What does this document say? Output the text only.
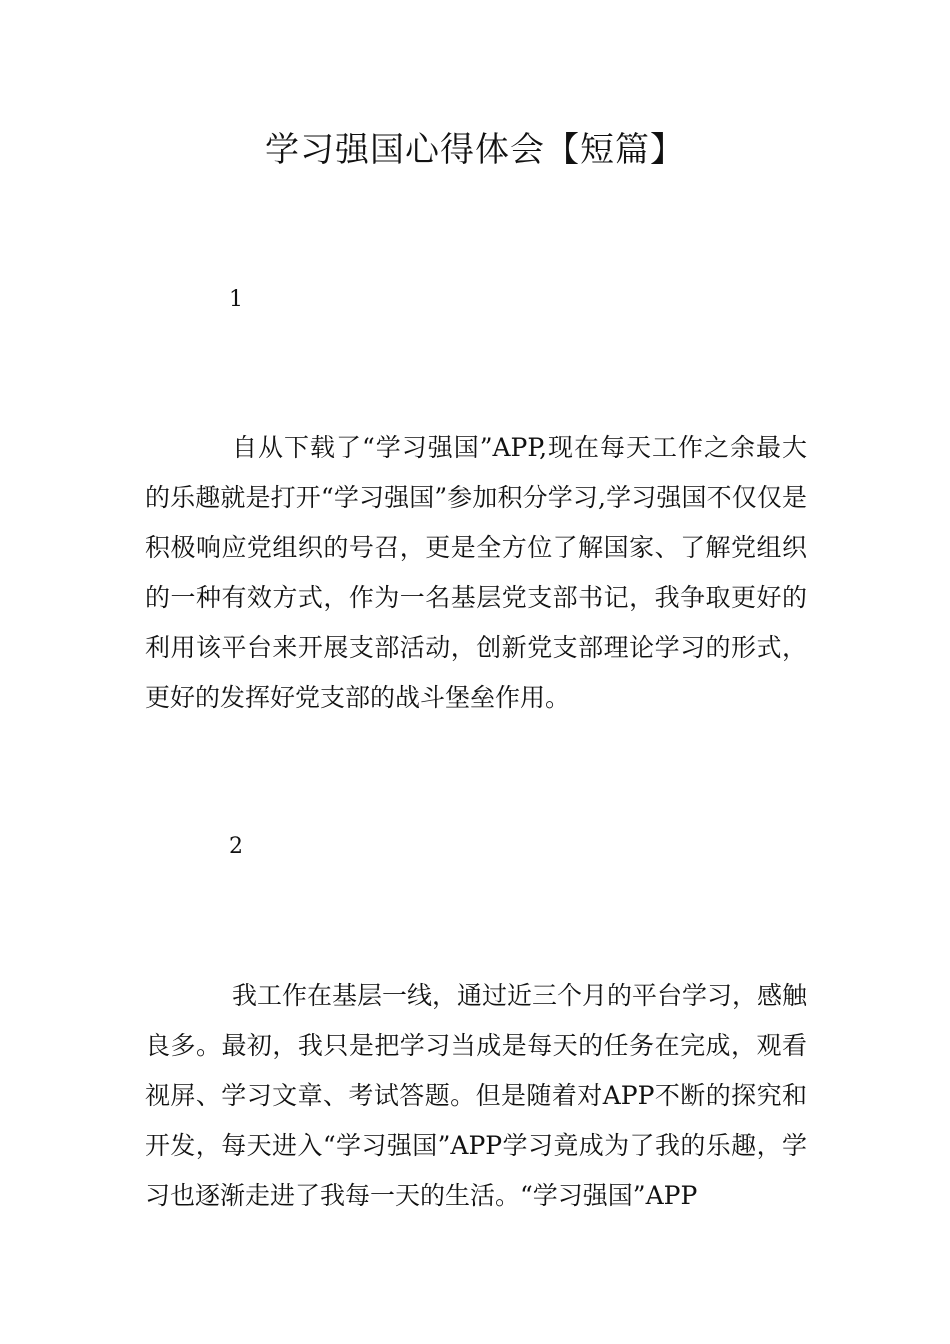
学习强国心得体会【短篇】
1

自从下载了“学习强国”APP,现在每天工作之余最大的乐趣就是打开“学习强国”参加积分学习,学习强国不仅仅是积极响应党组织的号召，更是全方位了解国家、了解党组织的一种有效方式，作为一名基层党支部书记，我争取更好的利用该平台来开展支部活动，创新党支部理论学习的形式，更好的发挥好党支部的战斗堡垒作用。

2

我工作在基层一线，通过近三个月的平台学习，感触良多。最初，我只是把学习当成是每天的任务在完成，观看视屏、学习文章、考试答题。但是随着对APP不断的探究和开发，每天进入“学习强国”APP学习竟成为了我的乐趣，学习也逐渐走进了我每一天的生活。“学习强国”APP
